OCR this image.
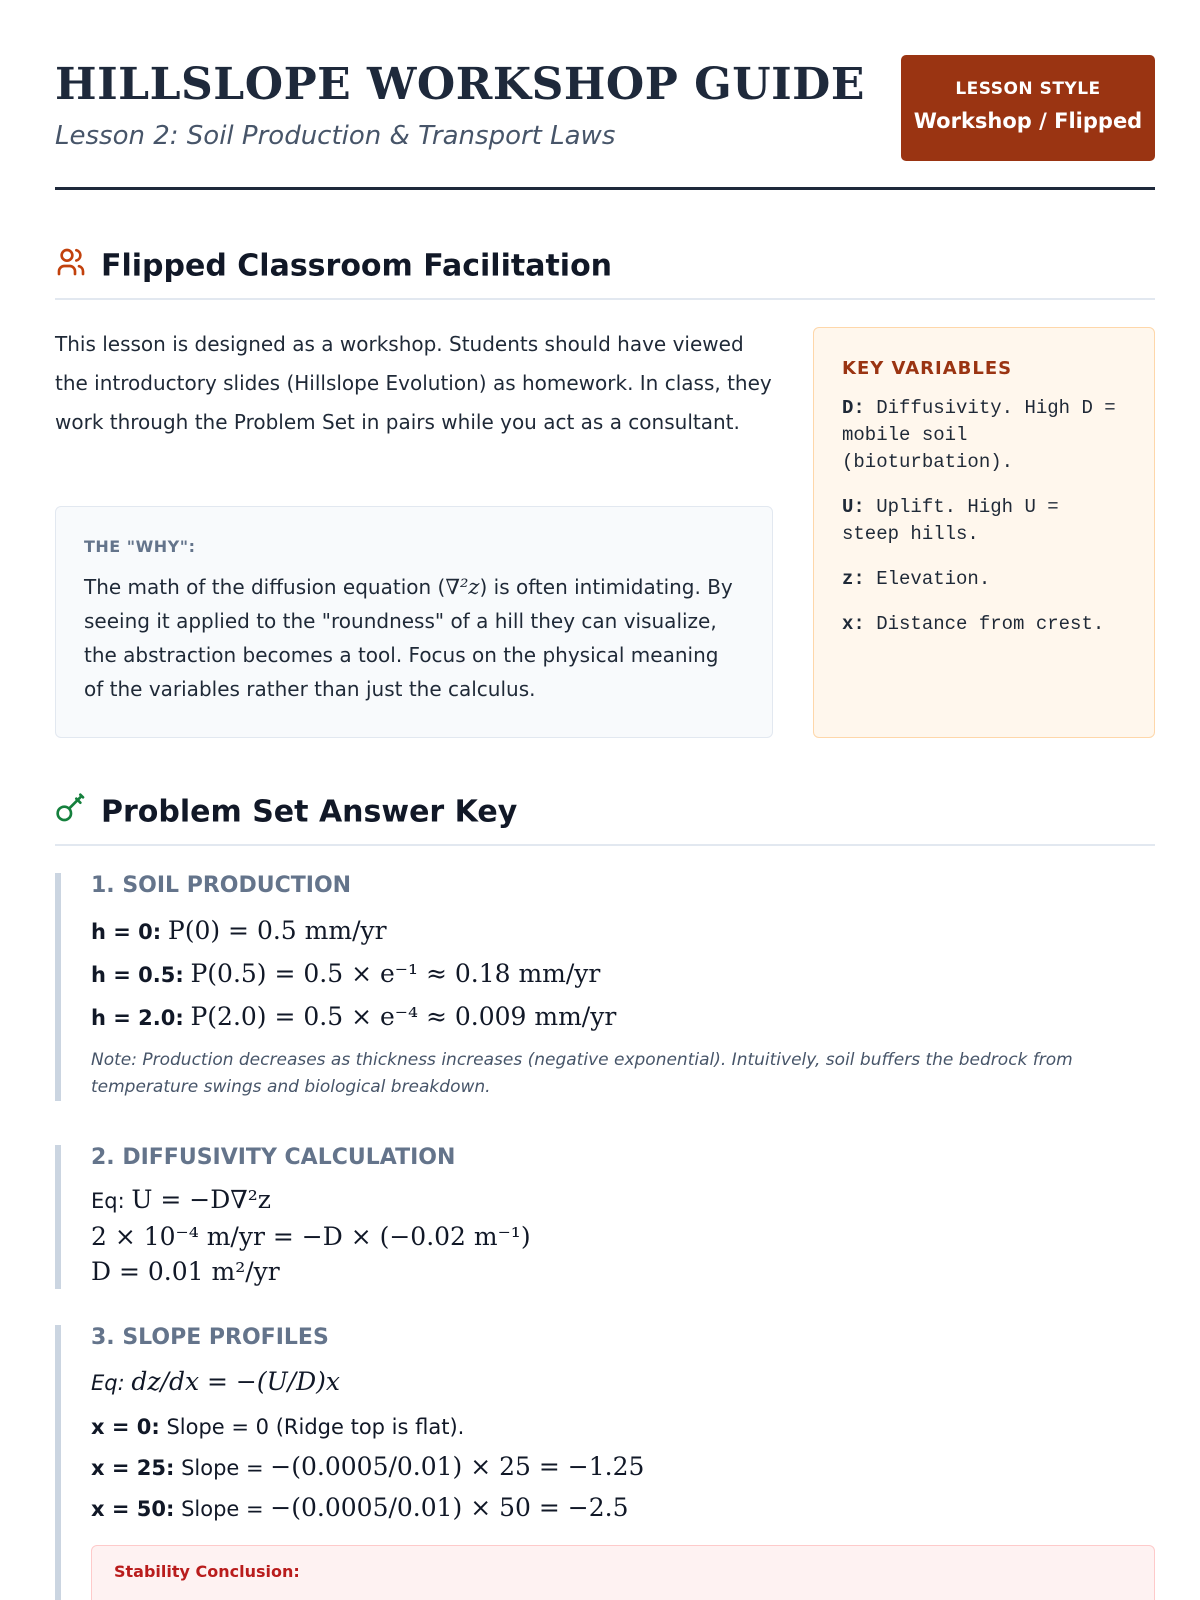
HILLSLOPE WORKSHOP GUIDE
Lesson 2: Soil Production & Transport Laws
LESSON STYLE
Workshop / Flipped
Flipped Classroom Facilitation
This lesson is designed as a workshop. Students should have viewed the introductory slides (Hillslope Evolution) as homework. In class, they work through the Problem Set in pairs while you act as a consultant.
THE "WHY":
The math of the diffusion equation (∇²z) is often intimidating. By seeing it applied to the "roundness" of a hill they can visualize, the abstraction becomes a tool. Focus on the physical meaning of the variables rather than just the calculus.
KEY VARIABLES
D: Diffusivity. High D = mobile soil (bioturbation).
U: Uplift. High U = steep hills.
z: Elevation.
x: Distance from crest.
Problem Set Answer Key
1. SOIL PRODUCTION
h = 0: P(0) = 0.5 mm/yr
h = 0.5: P(0.5) = 0.5 × e⁻¹ ≈ 0.18 mm/yr
h = 2.0: P(2.0) = 0.5 × e⁻⁴ ≈ 0.009 mm/yr
Note: Production decreases as thickness increases (negative exponential). Intuitively, soil buffers the bedrock from temperature swings and biological breakdown.
2. DIFFUSIVITY CALCULATION
Eq: U = −D∇²z
2 × 10⁻⁴ m/yr = −D × (−0.02 m⁻¹)
D = 0.01 m²/yr
3. SLOPE PROFILES
Eq: dz/dx = −(U/D)x
x = 0: Slope = 0 (Ridge top is flat).
x = 25: Slope = −(0.0005/0.01) × 25 = −1.25
x = 50: Slope = −(0.0005/0.01) × 50 = −2.5
Stability Conclusion:
